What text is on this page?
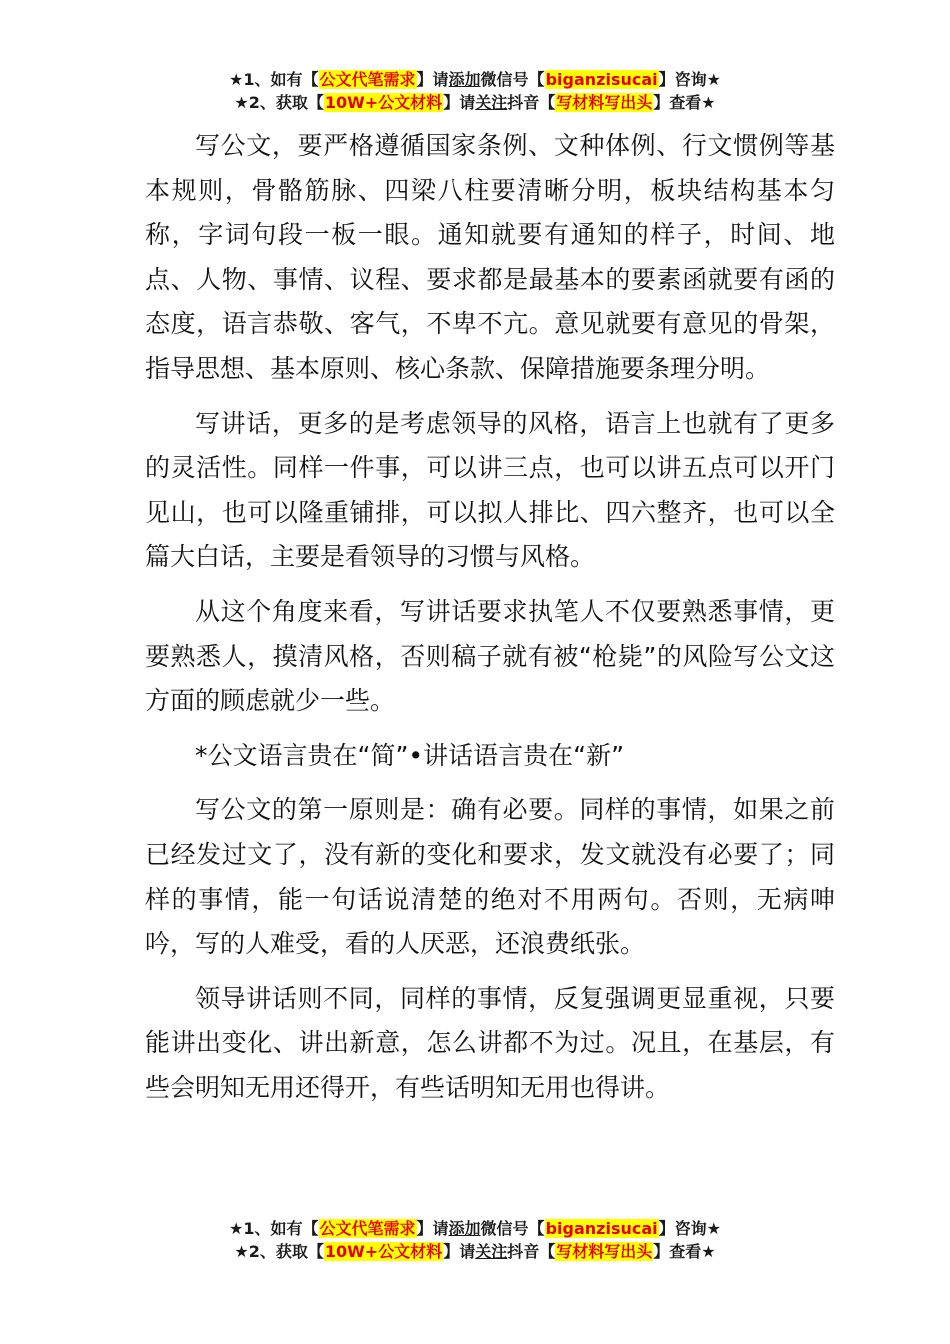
★1、如有【公文代笔需求】请添加微信号【biganzisucai】咨询★
★2、获取【10W+公文材料】请关注抖音【写材料写出头】查看★

写公文，要严格遵循国家条例、文种体例、行文惯例等基本规则，骨骼筋脉、四梁八柱要清晰分明，板块结构基本匀称，字词句段一板一眼。通知就要有通知的样子，时间、地点、人物、事情、议程、要求都是最基本的要素函就要有函的态度，语言恭敬、客气，不卑不亢。意见就要有意见的骨架，指导思想、基本原则、核心条款、保障措施要条理分明。

写讲话，更多的是考虑领导的风格，语言上也就有了更多的灵活性。同样一件事，可以讲三点，也可以讲五点可以开门见山，也可以隆重铺排，可以拟人排比、四六整齐，也可以全篇大白话，主要是看领导的习惯与风格。

从这个角度来看，写讲话要求执笔人不仅要熟悉事情，更要熟悉人，摸清风格，否则稿子就有被“枪毙”的风险写公文这方面的顾虑就少一些。

*公文语言贵在“简”•讲话语言贵在“新”

写公文的第一原则是：确有必要。同样的事情，如果之前已经发过文了，没有新的变化和要求，发文就没有必要了；同样的事情，能一句话说清楚的绝对不用两句。否则，无病呻吟，写的人难受，看的人厌恶，还浪费纸张。

领导讲话则不同，同样的事情，反复强调更显重视，只要能讲出变化、讲出新意，怎么讲都不为过。况且，在基层，有些会明知无用还得开，有些话明知无用也得讲。

★1、如有【公文代笔需求】请添加微信号【biganzisucai】咨询★
★2、获取【10W+公文材料】请关注抖音【写材料写出头】查看★
